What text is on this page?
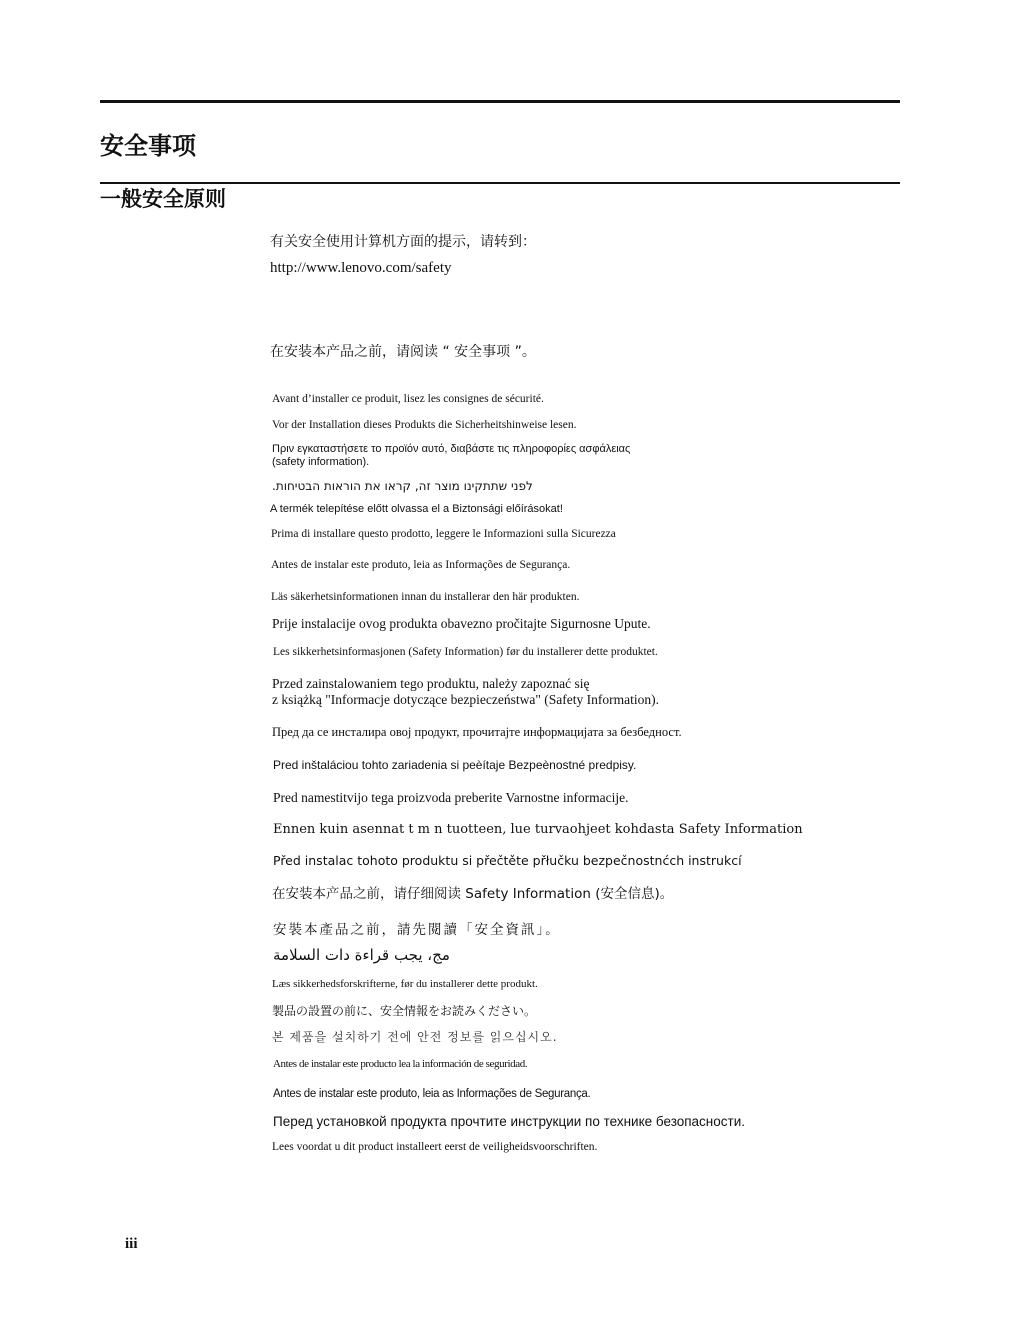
安全事项
一般安全原则
有关安全使用计算机方面的提示，请转到：
http://www.lenovo.com/safety
在安装本产品之前，请阅读 “ 安全事项 ”。
Avant d’installer ce produit, lisez les consignes de sécurité.
Vor der Installation dieses Produkts die Sicherheitshinweise lesen.
Πριν εγκαταστήσετε το προϊόν αυτό, διαβάστε τις πληροφορίες ασφάλειας
(safety information).
לפני שתתקינו מוצר זה, קראו את הוראות הבטיחות.
A termék telepítése előtt olvassa el a Biztonsági előírásokat!
Prima di installare questo prodotto, leggere le Informazioni sulla Sicurezza
Antes de instalar este produto, leia as Informações de Segurança.
Läs säkerhetsinformationen innan du installerar den här produkten.
Prije instalacije ovog produkta obavezno pročitajte Sigurnosne Upute.
Les sikkerhetsinformasjonen (Safety Information) før du installerer dette produktet.
Przed zainstalowaniem tego produktu, należy zapoznać się
z książką "Informacje dotyczące bezpieczeństwa" (Safety Information).
Пред да се инсталира овој продукт, прочитајте информацијата за безбедност.
Pred inštaláciou tohto zariadenia si peèítaje Bezpeènostné predpisy.
Pred namestitvijo tega proizvoda preberite Varnostne informacije.
Ennen kuin asennat t m n tuotteen, lue turvaohjeet kohdasta Safety Information
Před instalac tohoto produktu si přečtěte přłučku bezpečnostnćch instrukcí
在安装本产品之前，请仔细阅读 Safety Information (安全信息)。
安裝本產品之前，請先閱讀「安全資訊」。
مج، يجب قراءة دات السلامة
Læs sikkerhedsforskrifterne, før du installerer dette produkt.
製品の設置の前に、安全情報をお読みください。
본 제품을 설치하기 전에 안전 정보를 읽으십시오.
Antes de instalar este producto lea la información de seguridad.
Antes de instalar este produto, leia as Informações de Segurança.
Перед установкой продукта прочтите инструкции по технике безопасности.
Lees voordat u dit product installeert eerst de veiligheidsvoorschriften.
iii
